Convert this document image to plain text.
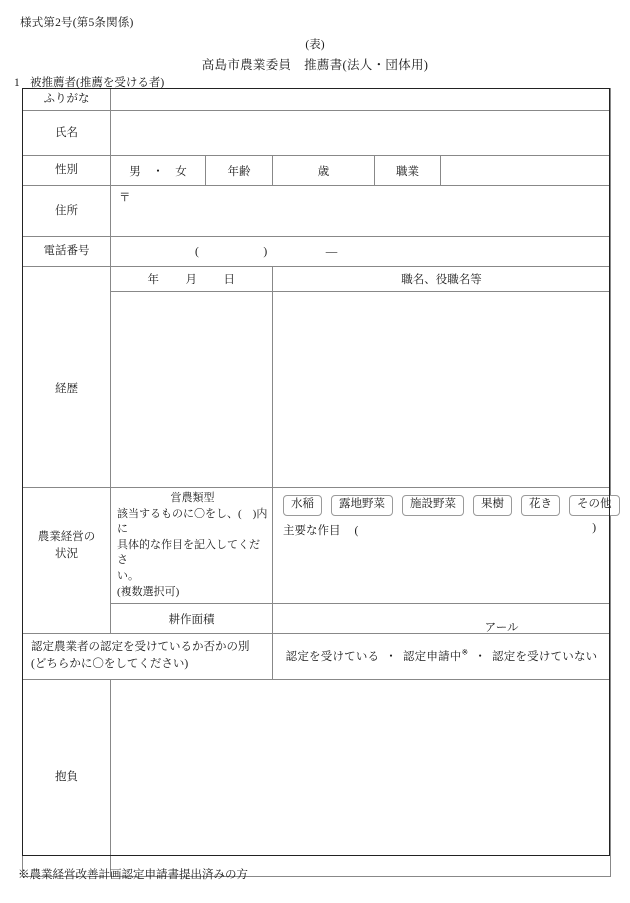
様式第2号(第5条関係)
(表)
高島市農業委員　推薦書(法人・団体用)
1 被推薦者(推薦を受ける者)
ふりがな					
氏名					
性別	男　・　女	年齢	歳	職業	
住所	〒				

電話番号	( ) —				

	年 月 日		職名、役職名等		
経歴					

農業経営の
状況

営農類型
該当するものに〇をし、(　)内に
具体的な作目を記入してくださ
い。
(複数選択可)

水稲	露地野菜	施設野菜	果樹	花き	その他
主要な作目 (	)

	耕作面積		アール		

認定農業者の認定を受けているか否かの別
(どちらかに〇をしてください)			認定を受けている ・ 認定申請中※ ・ 認定を受けていない		
抱負					
※農業経営改善計画認定申請書提出済みの方
